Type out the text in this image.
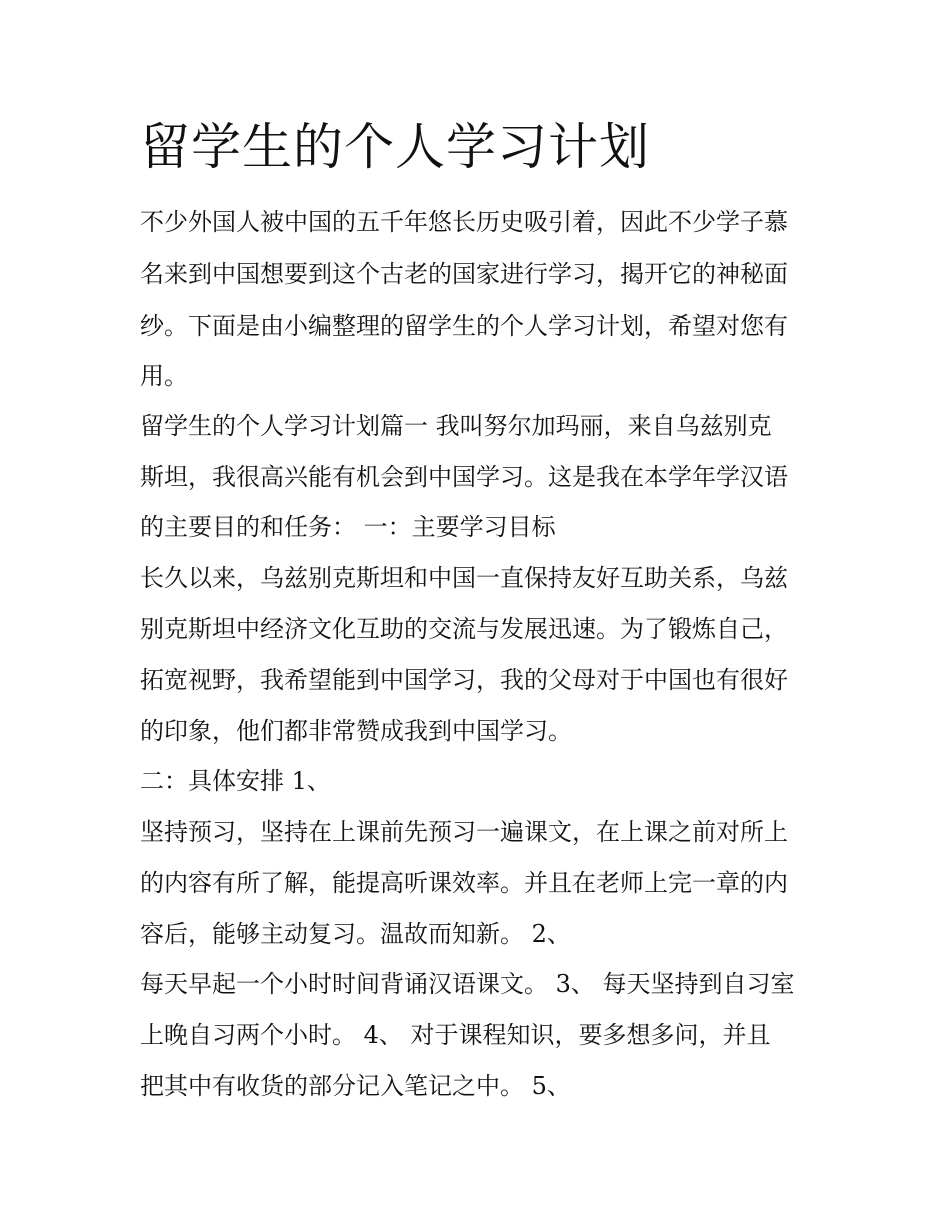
留学生的个人学习计划

不少外国人被中国的五千年悠长历史吸引着，因此不少学子慕

名来到中国想要到这个古老的国家进行学习，揭开它的神秘面

纱。下面是由小编整理的留学生的个人学习计划，希望对您有

用。

留学生的个人学习计划篇一 我叫努尔加玛丽，来自乌兹别克

斯坦，我很高兴能有机会到中国学习。这是我在本学年学汉语

的主要目的和任务： 一：主要学习目标

长久以来，乌兹别克斯坦和中国一直保持友好互助关系，乌兹

别克斯坦中经济文化互助的交流与发展迅速。为了锻炼自己，

拓宽视野，我希望能到中国学习，我的父母对于中国也有很好

的印象，他们都非常赞成我到中国学习。

二：具体安排 1、

坚持预习，坚持在上课前先预习一遍课文，在上课之前对所上

的内容有所了解，能提高听课效率。并且在老师上完一章的内

容后，能够主动复习。温故而知新。 2、

每天早起一个小时时间背诵汉语课文。 3、 每天坚持到自习室

上晚自习两个小时。 4、 对于课程知识，要多想多问，并且

把其中有收货的部分记入笔记之中。 5、
